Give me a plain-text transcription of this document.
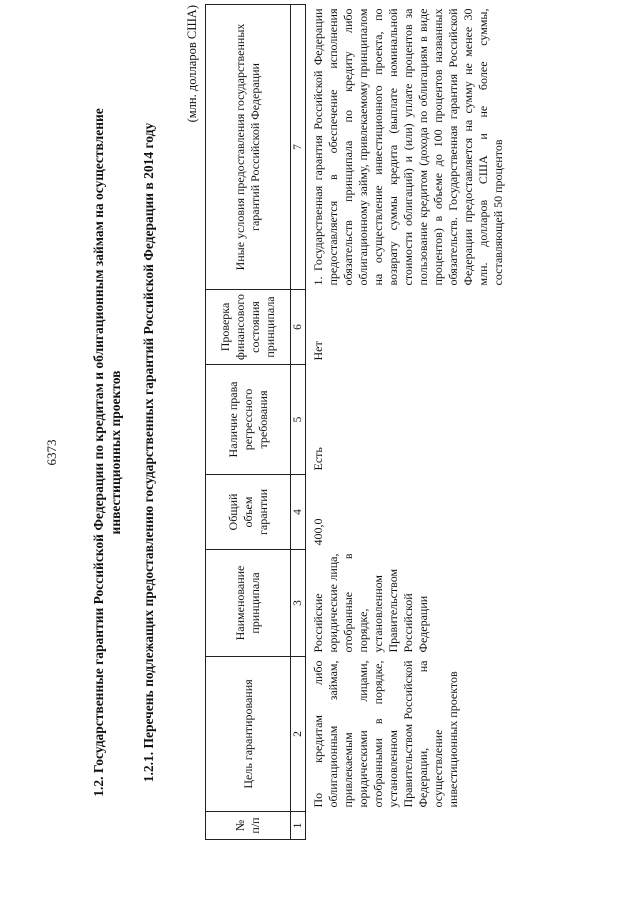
6373 1.2. Государственные гарантии Российской Федерации по кредитам и облигационным займам на осуществление инвестиционных проектов 1.2.1. Перечень подлежащих предоставлению государственных гарантий Российской Федерации в 2014 году
(млн. долларов США)
№ п/п	Цель гарантирования	Наименование принципала	Общий объем гарантии	Наличие права регрессного требования	Проверка финансового состояния принципала	Иные условия предоставления государственных гарантий Российской Федерации
1	2	3	4	5	6	7
	По кредитам либо облигационным займам, привлекаемым юридическими лицами, отобранными в порядке, установленном Правительством Российской Федерации, на осуществление инвестиционных проектов	Российские юридические лица, отобранные в порядке, установленном Правительством Российской Федерации	400,0	Есть	Нет	1. Государственная гарантия Российской Федерации предоставляется в обеспечение исполнения обязательств принципала по кредиту либо облигационному займу, привлекаемому принципалом на осуществление инвестиционного проекта, по возврату суммы кредита (выплате номинальной стоимости облигаций) и (или) уплате процентов за пользование кредитом (дохода по облигациям в виде процентов) в объеме до 100 процентов названных обязательств. Государственная гарантия Российской Федерации предоставляется на сумму не менее 30 млн. долларов США и не более суммы, составляющей 50 процентов
